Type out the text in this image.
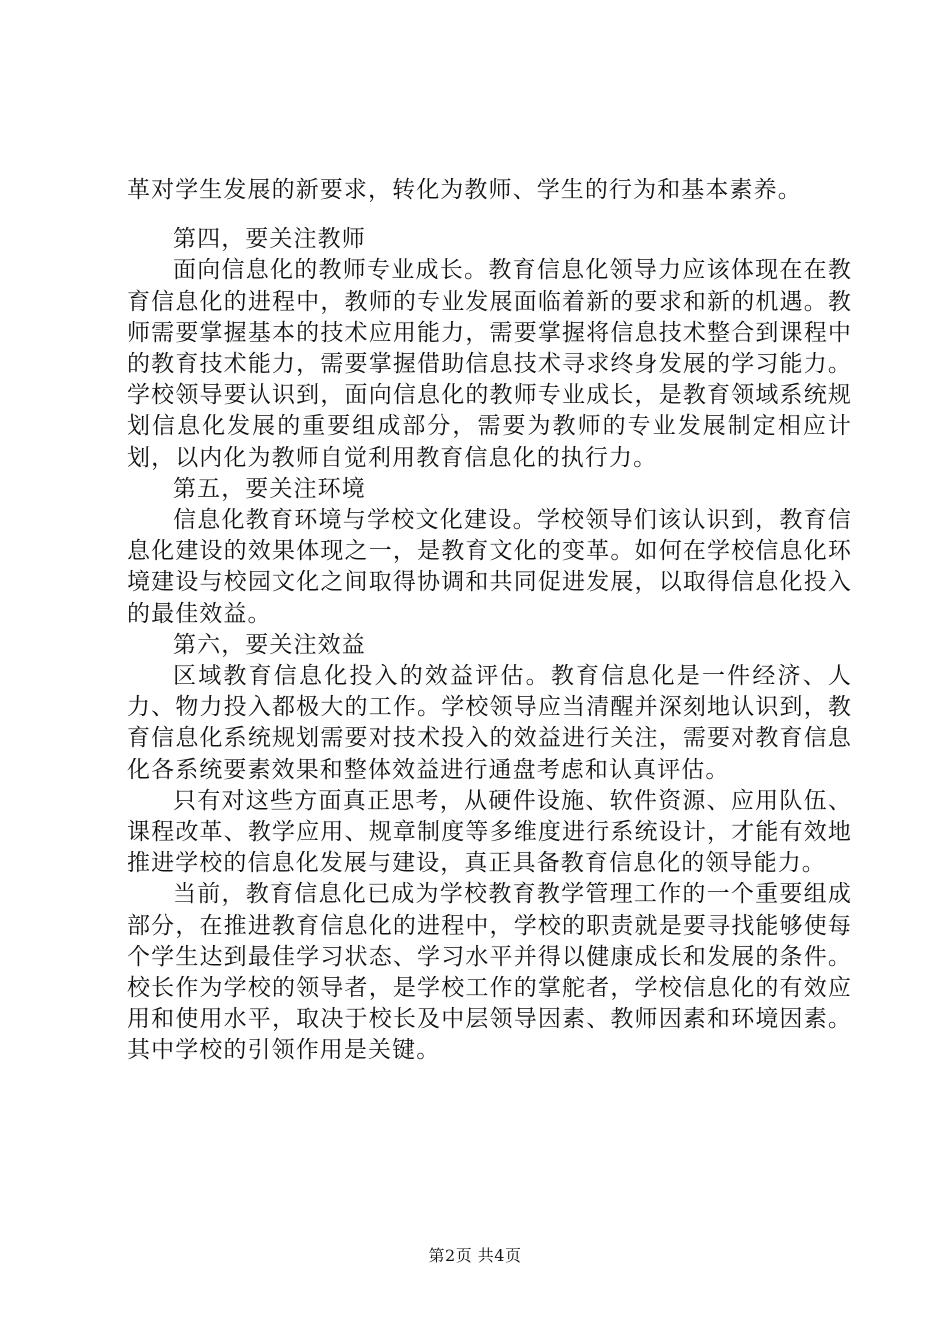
革对学生发展的新要求，转化为教师、学生的行为和基本素养。

第四，要关注教师

面向信息化的教师专业成长。教育信息化领导力应该体现在在教育信息化的进程中，教师的专业发展面临着新的要求和新的机遇。教师需要掌握基本的技术应用能力，需要掌握将信息技术整合到课程中的教育技术能力，需要掌握借助信息技术寻求终身发展的学习能力。学校领导要认识到，面向信息化的教师专业成长，是教育领域系统规划信息化发展的重要组成部分，需要为教师的专业发展制定相应计划，以内化为教师自觉利用教育信息化的执行力。

第五，要关注环境

信息化教育环境与学校文化建设。学校领导们该认识到，教育信息化建设的效果体现之一，是教育文化的变革。如何在学校信息化环境建设与校园文化之间取得协调和共同促进发展，以取得信息化投入的最佳效益。

第六，要关注效益

区域教育信息化投入的效益评估。教育信息化是一件经济、人力、物力投入都极大的工作。学校领导应当清醒并深刻地认识到，教育信息化系统规划需要对技术投入的效益进行关注，需要对教育信息化各系统要素效果和整体效益进行通盘考虑和认真评估。

只有对这些方面真正思考，从硬件设施、软件资源、应用队伍、课程改革、教学应用、规章制度等多维度进行系统设计，才能有效地推进学校的信息化发展与建设，真正具备教育信息化的领导能力。

当前，教育信息化已成为学校教育教学管理工作的一个重要组成部分，在推进教育信息化的进程中，学校的职责就是要寻找能够使每个学生达到最佳学习状态、学习水平并得以健康成长和发展的条件。校长作为学校的领导者，是学校工作的掌舵者，学校信息化的有效应用和使用水平，取决于校长及中层领导因素、教师因素和环境因素。其中学校的引领作用是关键。

第2页 共4页
